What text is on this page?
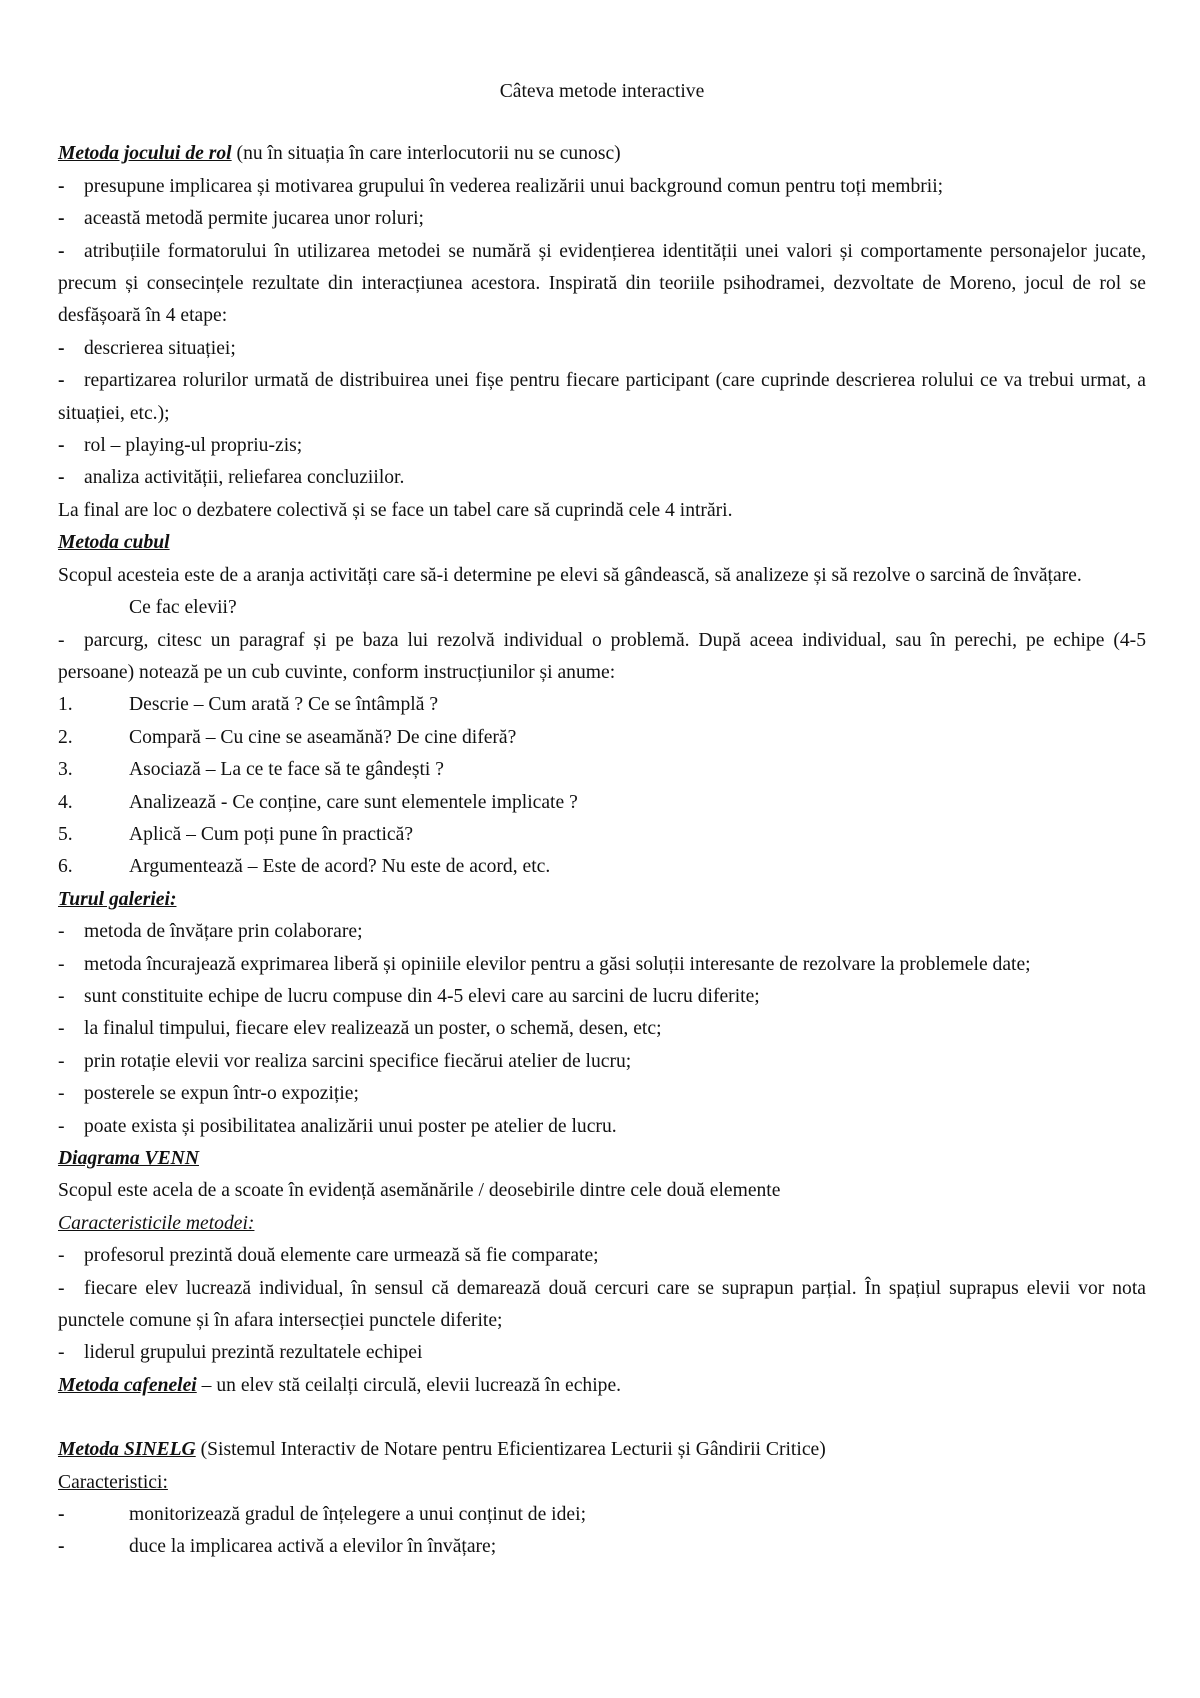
Câteva metode interactive

Metoda jocului de rol (nu în situația în care interlocutorii nu se cunosc)

- presupune implicarea și motivarea grupului în vederea realizării unui background comun pentru toți membrii;

- această metodă permite jucarea unor roluri;

- atribuțiile formatorului în utilizarea metodei se numără și evidențierea identității unei valori și comportamente personajelor jucate, precum și consecințele rezultate din interacțiunea acestora. Inspirată din teoriile psihodramei, dezvoltate de Moreno, jocul de rol se desfășoară în 4 etape:

- descrierea situației;

- repartizarea rolurilor urmată de distribuirea unei fișe pentru fiecare participant (care cuprinde descrierea rolului ce va trebui urmat, a situației, etc.);

- rol – playing-ul propriu-zis;

- analiza activității, reliefarea concluziilor.

La final are loc o dezbatere colectivă și se face un tabel care să cuprindă cele 4 intrări.

Metoda cubul

Scopul acesteia este de a aranja activități care să-i determine pe elevi să gândească, să analizeze și să rezolve o sarcină de învățare.

Ce fac elevii?

- parcurg, citesc un paragraf și pe baza lui rezolvă individual o problemă. După aceea individual, sau în perechi, pe echipe (4-5 persoane) notează pe un cub cuvinte, conform instrucțiunilor și anume:

1.	Descrie – Cum arată ? Ce se întâmplă ?

2.	Compară – Cu cine se aseamănă? De cine diferă?

3.	Asociază – La ce te face să te gândești ?

4.	Analizează - Ce conține, care sunt elementele implicate ?

5.	Aplică – Cum poți pune în practică?

6.	Argumentează – Este de acord? Nu este de acord, etc.

Turul galeriei:

- metoda de învățare prin colaborare;

- metoda încurajează exprimarea liberă și opiniile elevilor pentru a găsi soluții interesante de rezolvare la problemele date;

- sunt constituite echipe de lucru compuse din 4-5 elevi care au sarcini de lucru diferite;

- la finalul timpului, fiecare elev realizează un poster, o schemă, desen, etc;

- prin rotație elevii vor realiza sarcini specifice fiecărui atelier de lucru;

- posterele se expun într-o expoziție;

- poate exista și posibilitatea analizării unui poster pe atelier de lucru.

Diagrama VENN

Scopul este acela de a scoate în evidență asemănările / deosebirile dintre cele două elemente

Caracteristicile metodei:

- profesorul prezintă două elemente care urmează să fie comparate;

- fiecare elev lucrează individual, în sensul că demarează două cercuri care se suprapun parțial. În spațiul suprapus elevii vor nota punctele comune și în afara intersecției punctele diferite;

- liderul grupului prezintă rezultatele echipei

Metoda cafenelei – un elev stă ceilalți circulă, elevii lucrează în echipe.

Metoda SINELG (Sistemul Interactiv de Notare pentru Eficientizarea Lecturii și Gândirii Critice)

Caracteristici:

-	monitorizează gradul de înțelegere a unui conținut de idei;

-	duce la implicarea activă a elevilor în învățare;
